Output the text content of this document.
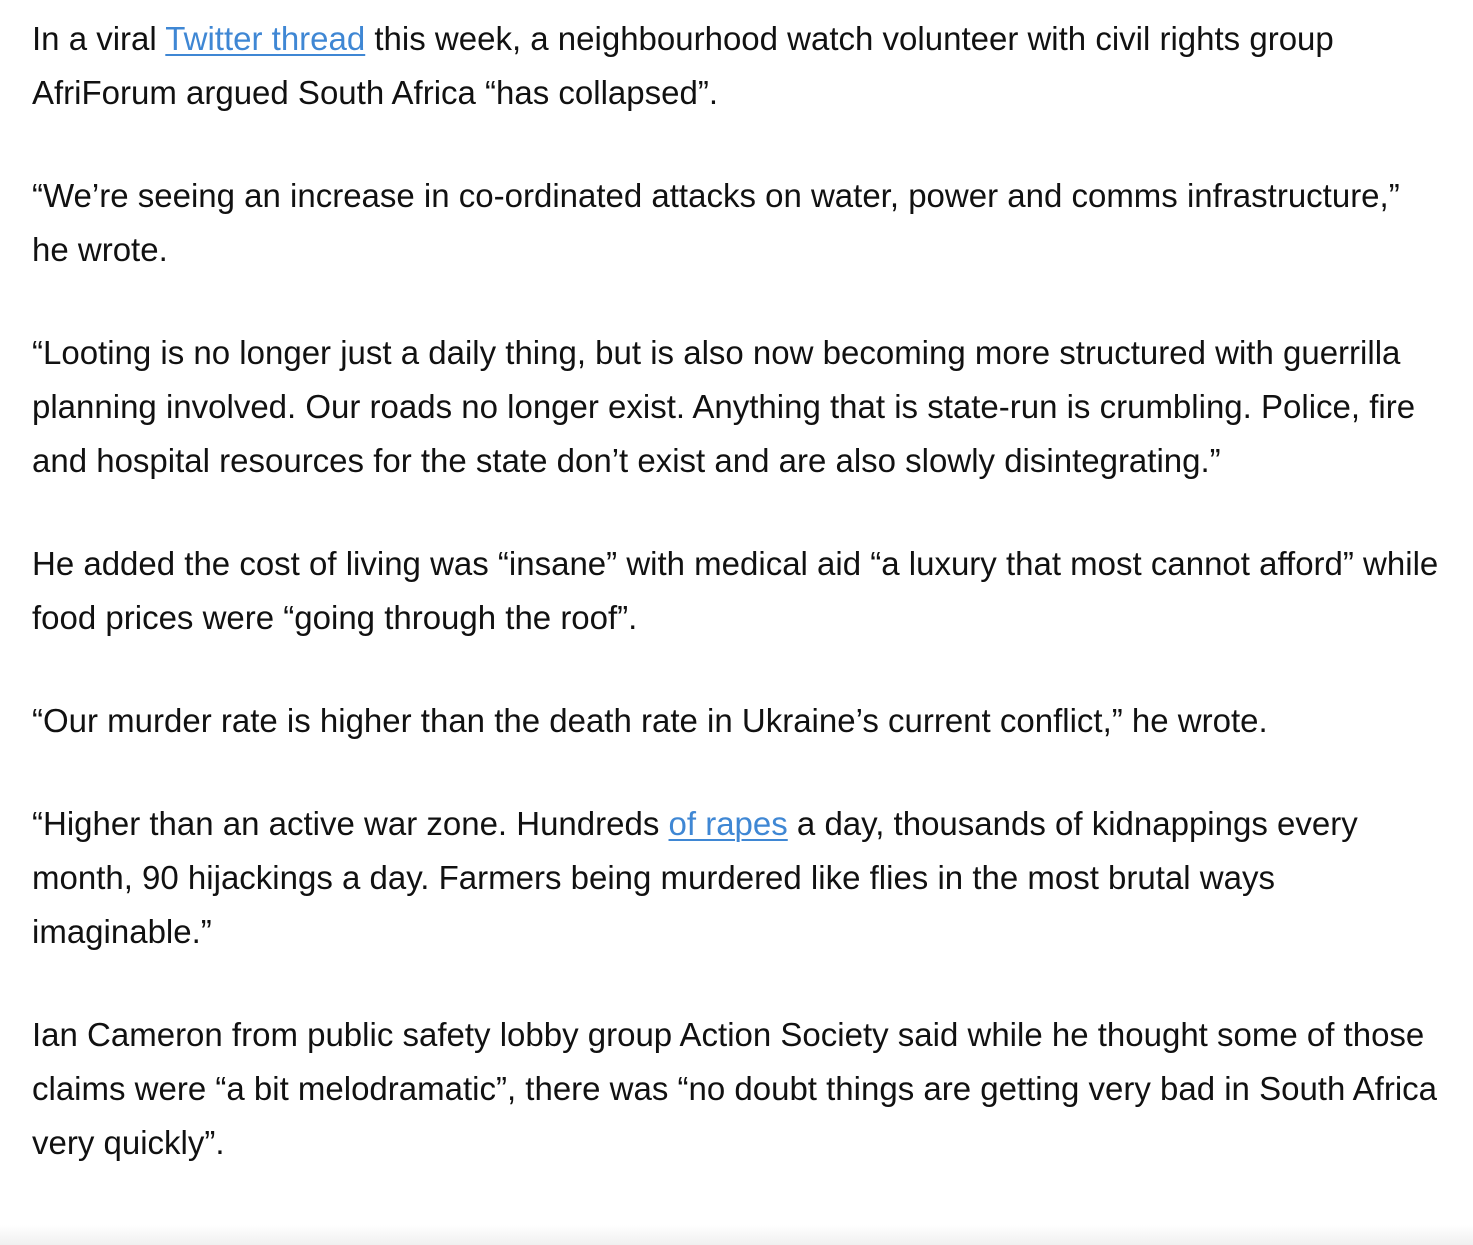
In a viral Twitter thread this week, a neighbourhood watch volunteer with civil rights group AfriForum argued South Africa “has collapsed”.

“We’re seeing an increase in co-ordinated attacks on water, power and comms infrastructure,” he wrote.

“Looting is no longer just a daily thing, but is also now becoming more structured with guerrilla planning involved. Our roads no longer exist. Anything that is state-run is crumbling. Police, fire and hospital resources for the state don’t exist and are also slowly disintegrating.”

He added the cost of living was “insane” with medical aid “a luxury that most cannot afford” while food prices were “going through the roof”.

“Our murder rate is higher than the death rate in Ukraine’s current conflict,” he wrote.

“Higher than an active war zone. Hundreds of rapes a day, thousands of kidnappings every month, 90 hijackings a day. Farmers being murdered like flies in the most brutal ways imaginable.”

Ian Cameron from public safety lobby group Action Society said while he thought some of those claims were “a bit melodramatic”, there was “no doubt things are getting very bad in South Africa very quickly”.
